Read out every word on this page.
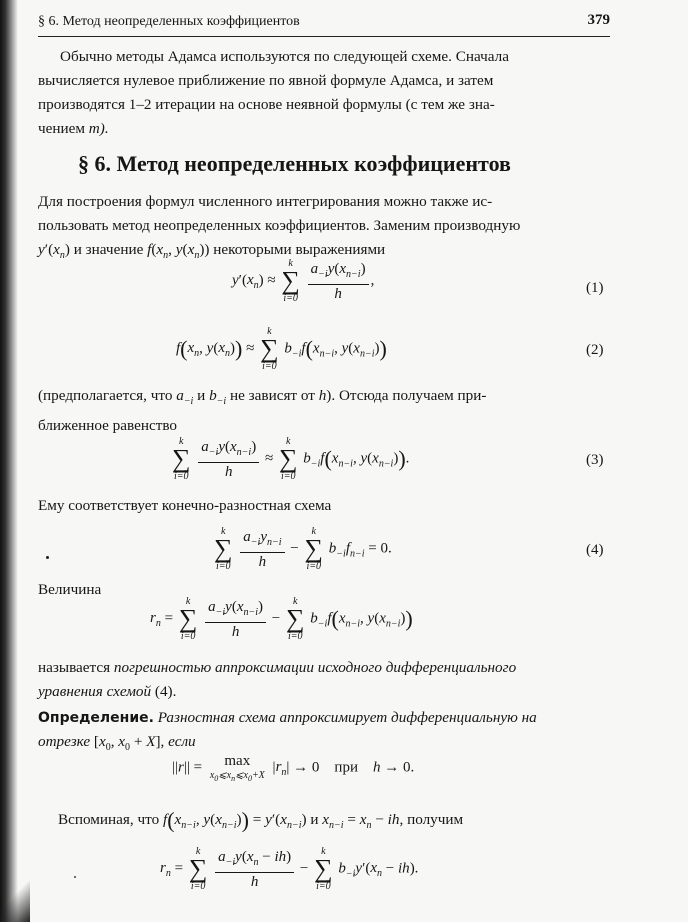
§ 6. Метод неопределенных коэффициентов	379
Обычно методы Адамса используются по следующей схеме. Сначала
вычисляется нулевое приближение по явной формуле Адамса, и затем
производятся 1–2 итерации на основе неявной формулы (с тем же зна-
чением m).
§ 6. Метод неопределенных коэффициентов
Для построения формул численного интегрирования можно также ис-
пользовать метод неопределенных коэффициентов. Заменим производную
$y'(x_n)$ и значение $f(x_n$, $y(x_n)$) некоторыми выражениями
$y'(x_n)$ ≈
k
∑
i=0
$\frac{a_{-i}y(x_{n-i})}{h}$ ,	(1)
$f(x_n$, $y(x_n)$) ≈
k
∑
i=0
$b_{-i}f(x_{n-i}$, $y(x_{n-i})$)	(2)
(предполагается, что $a_{-i}$ и $b_{-i}$ не зависят от h). Отсюда получаем при-
ближенное равенство
k
∑
i=0
$\frac{a_{-i}y(x_{n-i})}{h}$ ≈
k
∑
i=0
$b_{-i}f(x_{n-i}$, $y(x_{n-i})$).	(3)
Ему соответствует конечно-разностная схема
k
∑
i=0
$\frac{a_{-i}y_{n-i}}{h}$ −
k
∑
i=0
$b_{-i}f_{n-i} = 0$.	(4)
Величина
$r_n$ =
k
∑
i=0
$\frac{a_{-i}y(x_{n-i})}{h}$ −
k
∑
i=0
$b_{-i}f(x_{n-i}$, $y(x_{n-i})$)
называется погрешностью аппроксимации исходного дифференциального
уравнения схемой (4).
Определение. Разностная схема аппроксимирует дифференциальную на
отрезке [$x_0$, $x_0 + X$], если
||r|| =	max
$x_0⩽x_n⩽x_0+X$
$|r_n| \to 0$    при h → 0.
Вспоминая, что $f(x_{n-i}$, $y(x_{n-i})) = y'(x_{n-i})$ и $x_{n-i} = x_n$ − ih, получим
$r_n$ =
k
∑
i=0
$\frac{a_{-i}y(x_n - ih)}{h}$ −
k
∑
i=0
$b_{-i}y'(x_n - ih)$.
